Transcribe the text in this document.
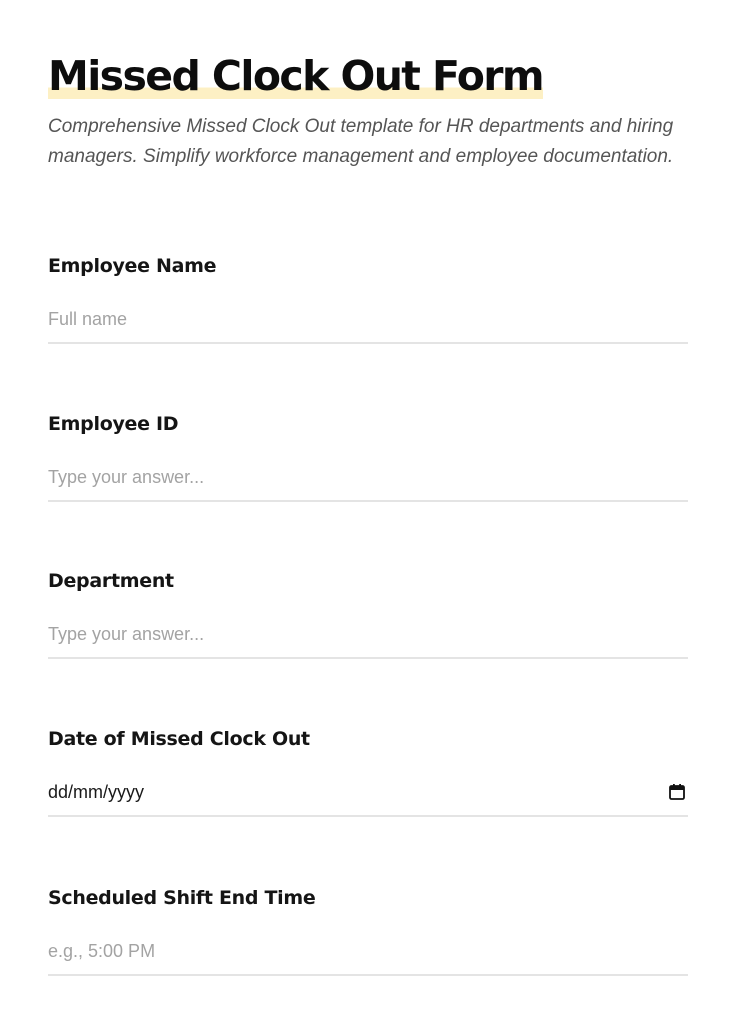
Missed Clock Out Form

Comprehensive Missed Clock Out template for HR departments and hiring managers. Simplify workforce management and employee documentation.

Employee Name
Full name
Employee ID
Type your answer...
Department
Type your answer...
Date of Missed Clock Out
dd/mm/yyyy
Scheduled Shift End Time
e.g., 5:00 PM
